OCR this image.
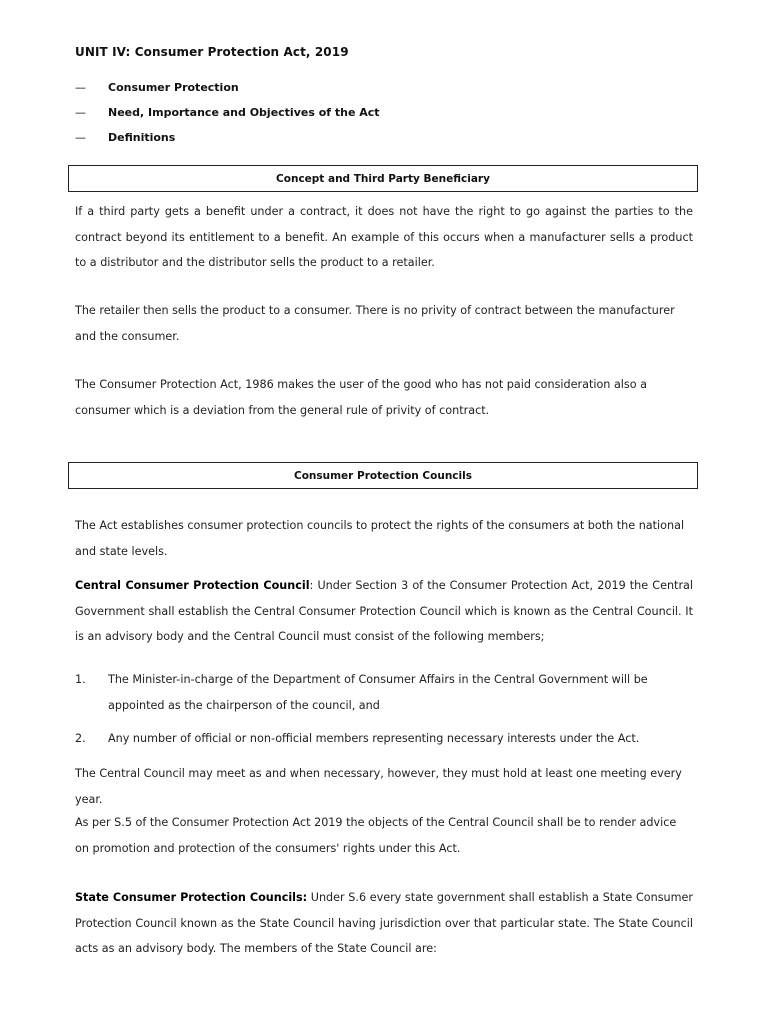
UNIT IV: Consumer Protection Act, 2019
—	Consumer Protection
—	Need, Importance and Objectives of the Act
—	Definitions
Concept and Third Party Beneficiary
If a third party gets a benefit under a contract, it does not have the right to go against the parties to the contract beyond its entitlement to a benefit. An example of this occurs when a manufacturer sells a product to a distributor and the distributor sells the product to a retailer.
The retailer then sells the product to a consumer. There is no privity of contract between the manufacturer and the consumer.
The Consumer Protection Act, 1986 makes the user of the good who has not paid consideration also a consumer which is a deviation from the general rule of privity of contract.
Consumer Protection Councils
The Act establishes consumer protection councils to protect the rights of the consumers at both the national and state levels.
Central Consumer Protection Council: Under Section 3 of the Consumer Protection Act, 2019 the Central Government shall establish the Central Consumer Protection Council which is known as the Central Council. It is an advisory body and the Central Council must consist of the following members;
1.	The Minister-in-charge of the Department of Consumer Affairs in the Central Government will be appointed as the chairperson of the council, and
2.	Any number of official or non-official members representing necessary interests under the Act.
The Central Council may meet as and when necessary, however, they must hold at least one meeting every year.
As per S.5 of the Consumer Protection Act 2019 the objects of the Central Council shall be to render advice on promotion and protection of the consumers' rights under this Act.
State Consumer Protection Councils: Under S.6 every state government shall establish a State Consumer Protection Council known as the State Council having jurisdiction over that particular state. The State Council acts as an advisory body. The members of the State Council are:
